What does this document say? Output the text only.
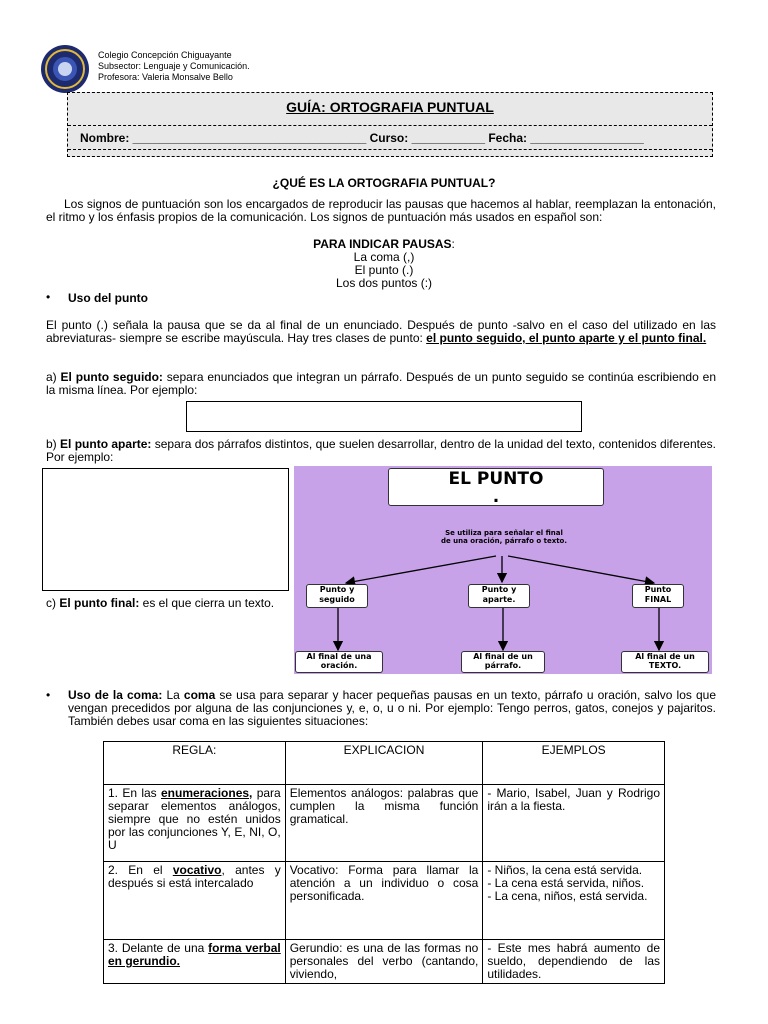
Colegio Concepción Chiguayante
Subsector: Lenguaje y Comunicación.
Profesora: Valeria Monsalve Bello
GUÍA: ORTOGRAFIA PUNTUAL
Nombre: ___________________________________ Curso: ___________ Fecha: _________________
¿QUÉ ES LA ORTOGRAFIA PUNTUAL?
Los signos de puntuación son los encargados de reproducir las pausas que hacemos al hablar, reemplazan la entonación, el ritmo y los énfasis propios de la comunicación. Los signos de puntuación más usados en español son:
PARA INDICAR PAUSAS:
La coma (,)
El punto (.)
Los dos puntos (:)
• Uso del punto
El punto (.) señala la pausa que se da al final de un enunciado. Después de punto -salvo en el caso del utilizado en las abreviaturas- siempre se escribe mayúscula. Hay tres clases de punto: el punto seguido, el punto aparte y el punto final.
a) El punto seguido: separa enunciados que integran un párrafo. Después de un punto seguido se continúa escribiendo en la misma línea. Por ejemplo:
b) El punto aparte: separa dos párrafos distintos, que suelen desarrollar, dentro de la unidad del texto, contenidos diferentes. Por ejemplo:
c) El punto final: es el que cierra un texto.
EL PUNTO
.
Se utiliza para señalar el final de una oración, párrafo o texto.
Punto y seguido
Punto y aparte.
Punto FINAL
Al final de una oración.
Al final de un párrafo.
Al final de un TEXTO.
• Uso de la coma: La coma se usa para separar y hacer pequeñas pausas en un texto, párrafo u oración, salvo los que vengan precedidos por alguna de las conjunciones y, e, o, u o ni. Por ejemplo: Tengo perros, gatos, conejos y pajaritos. También debes usar coma en las siguientes situaciones:
REGLA:	EXPLICACION	EJEMPLOS
1. En las enumeraciones, para separar elementos análogos, siempre que no estén unidos por las conjunciones Y, E, NI, O, U	Elementos análogos: palabras que cumplen la misma función gramatical.	- Mario, Isabel, Juan y Rodrigo irán a la fiesta.

2. En el vocativo, antes y después si está intercalado	Vocativo: Forma para llamar la atención a un individuo o cosa personificada.	- Niños, la cena está servida.
- La cena está servida, niños.
- La cena, niños, está servida.

3. Delante de una forma verbal en gerundio.	Gerundio: es una de las formas no personales del verbo (cantando, viviendo,	- Este mes habrá aumento de sueldo, dependiendo de las utilidades.
